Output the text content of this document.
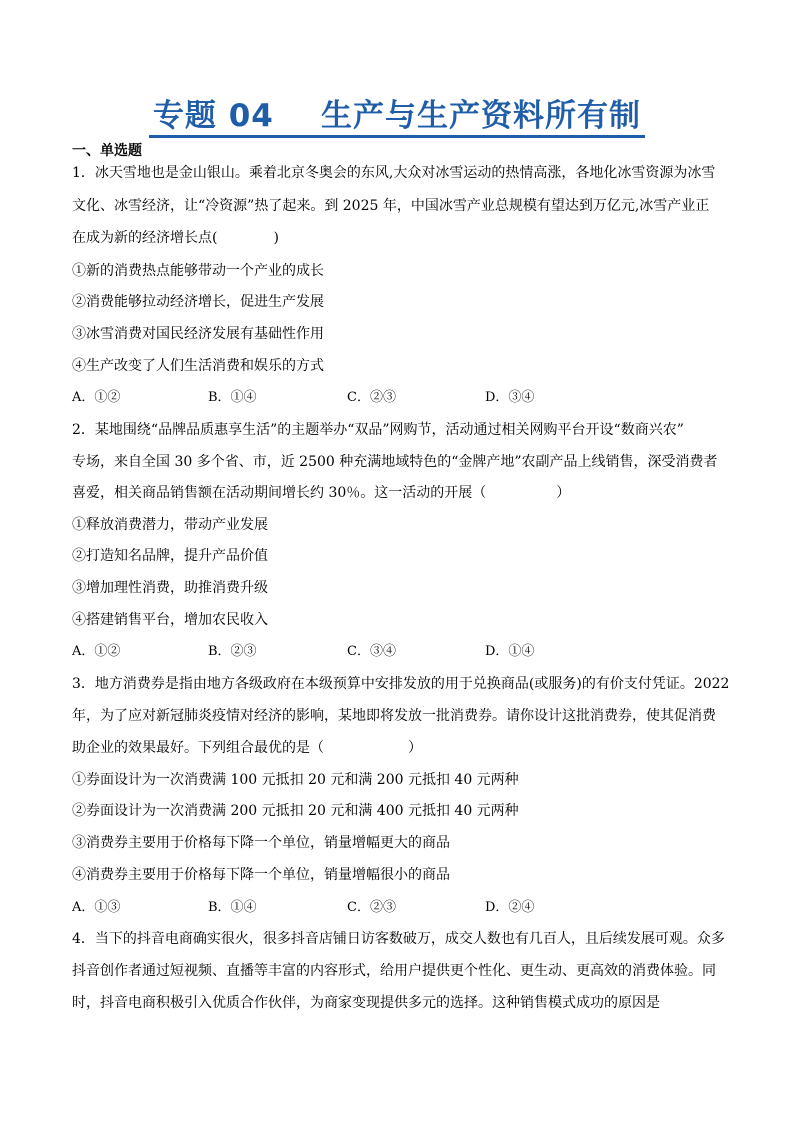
专题 04    生产与生产资料所有制
一、单选题
1．冰天雪地也是金山银山。乘着北京冬奥会的东风,大众对冰雪运动的热情高涨，各地化冰雪资源为冰雪
文化、冰雪经济，让“冷资源”热了起来。到 2025 年，中国冰雪产业总规模有望达到万亿元,冰雪产业正
在成为新的经济增长点(　　　　)
①新的消费热点能够带动一个产业的成长
②消费能够拉动经济增长，促进生产发展
③冰雪消费对国民经济发展有基础性作用
④生产改变了人们生活消费和娱乐的方式
A．①②	B．①④	C．②③	D．③④
2．某地围绕“品牌品质惠享生活”的主题举办“双品”网购节，活动通过相关网购平台开设“数商兴农”
专场，来自全国 30 多个省、市，近 2500 种充满地域特色的“金牌产地”农副产品上线销售，深受消费者
喜爱，相关商品销售额在活动期间增长约 30％。这一活动的开展（　　　　　）
①释放消费潜力，带动产业发展
②打造知名品牌，提升产品价值
③增加理性消费，助推消费升级
④搭建销售平台，增加农民收入
A．①②	B．②③	C．③④	D．①④
3．地方消费券是指由地方各级政府在本级预算中安排发放的用于兑换商品(或服务)的有价支付凭证。2022
年，为了应对新冠肺炎疫情对经济的影响，某地即将发放一批消费券。请你设计这批消费券，使其促消费
助企业的效果最好。下列组合最优的是（　　　　　　）
①券面设计为一次消费满 100 元抵扣 20 元和满 200 元抵扣 40 元两种
②券面设计为一次消费满 200 元抵扣 20 元和满 400 元抵扣 40 元两种
③消费券主要用于价格每下降一个单位，销量增幅更大的商品
④消费券主要用于价格每下降一个单位，销量增幅很小的商品
A．①③	B．①④	C．②③	D．②④
4．当下的抖音电商确实很火，很多抖音店铺日访客数破万，成交人数也有几百人，且后续发展可观。众多
抖音创作者通过短视频、直播等丰富的内容形式，给用户提供更个性化、更生动、更高效的消费体验。同
时，抖音电商积极引入优质合作伙伴，为商家变现提供多元的选择。这种销售模式成功的原因是
